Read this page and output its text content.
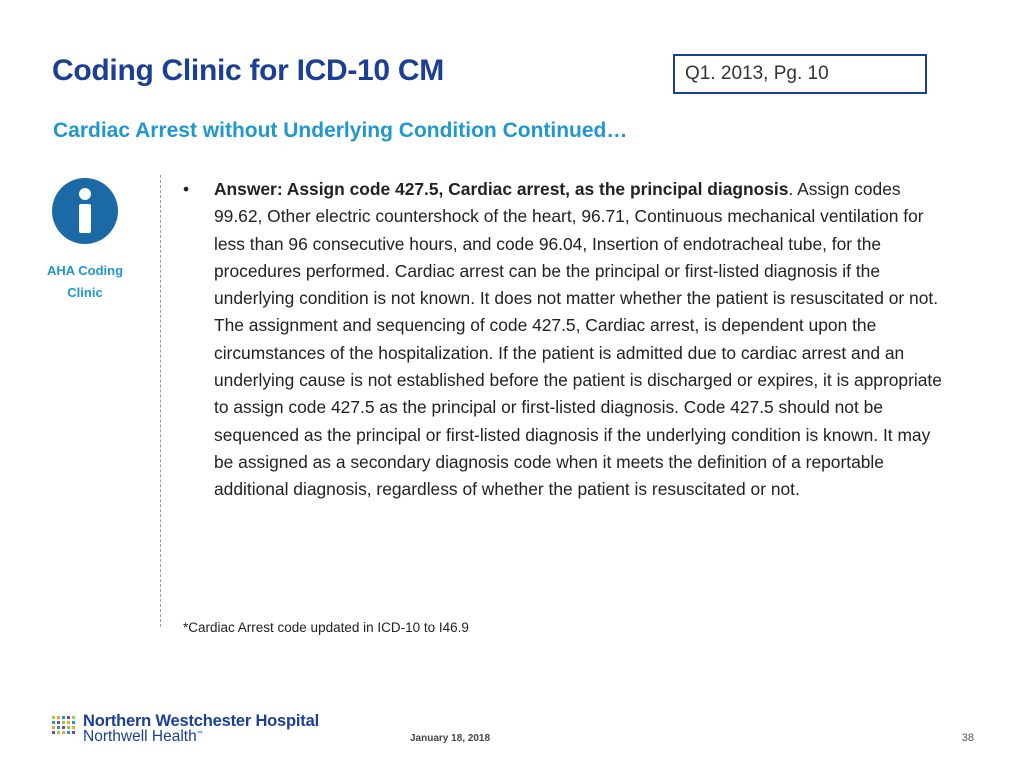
Coding Clinic for ICD-10 CM	Q1. 2013, Pg. 10
Cardiac Arrest without Underlying Condition Continued…
AHA Coding Clinic
• Answer: Assign code 427.5, Cardiac arrest, as the principal diagnosis. Assign codes 99.62, Other electric countershock of the heart, 96.71, Continuous mechanical ventilation for less than 96 consecutive hours, and code 96.04, Insertion of endotracheal tube, for the procedures performed. Cardiac arrest can be the principal or first-listed diagnosis if the underlying condition is not known. It does not matter whether the patient is resuscitated or not. The assignment and sequencing of code 427.5, Cardiac arrest, is dependent upon the circumstances of the hospitalization. If the patient is admitted due to cardiac arrest and an underlying cause is not established before the patient is discharged or expires, it is appropriate to assign code 427.5 as the principal or first-listed diagnosis. Code 427.5 should not be sequenced as the principal or first-listed diagnosis if the underlying condition is known. It may be assigned as a secondary diagnosis code when it meets the definition of a reportable additional diagnosis, regardless of whether the patient is resuscitated or not.
*Cardiac Arrest code updated in ICD-10 to I46.9
Northern Westchester Hospital
Northwell Health™	January 18, 2018	38
